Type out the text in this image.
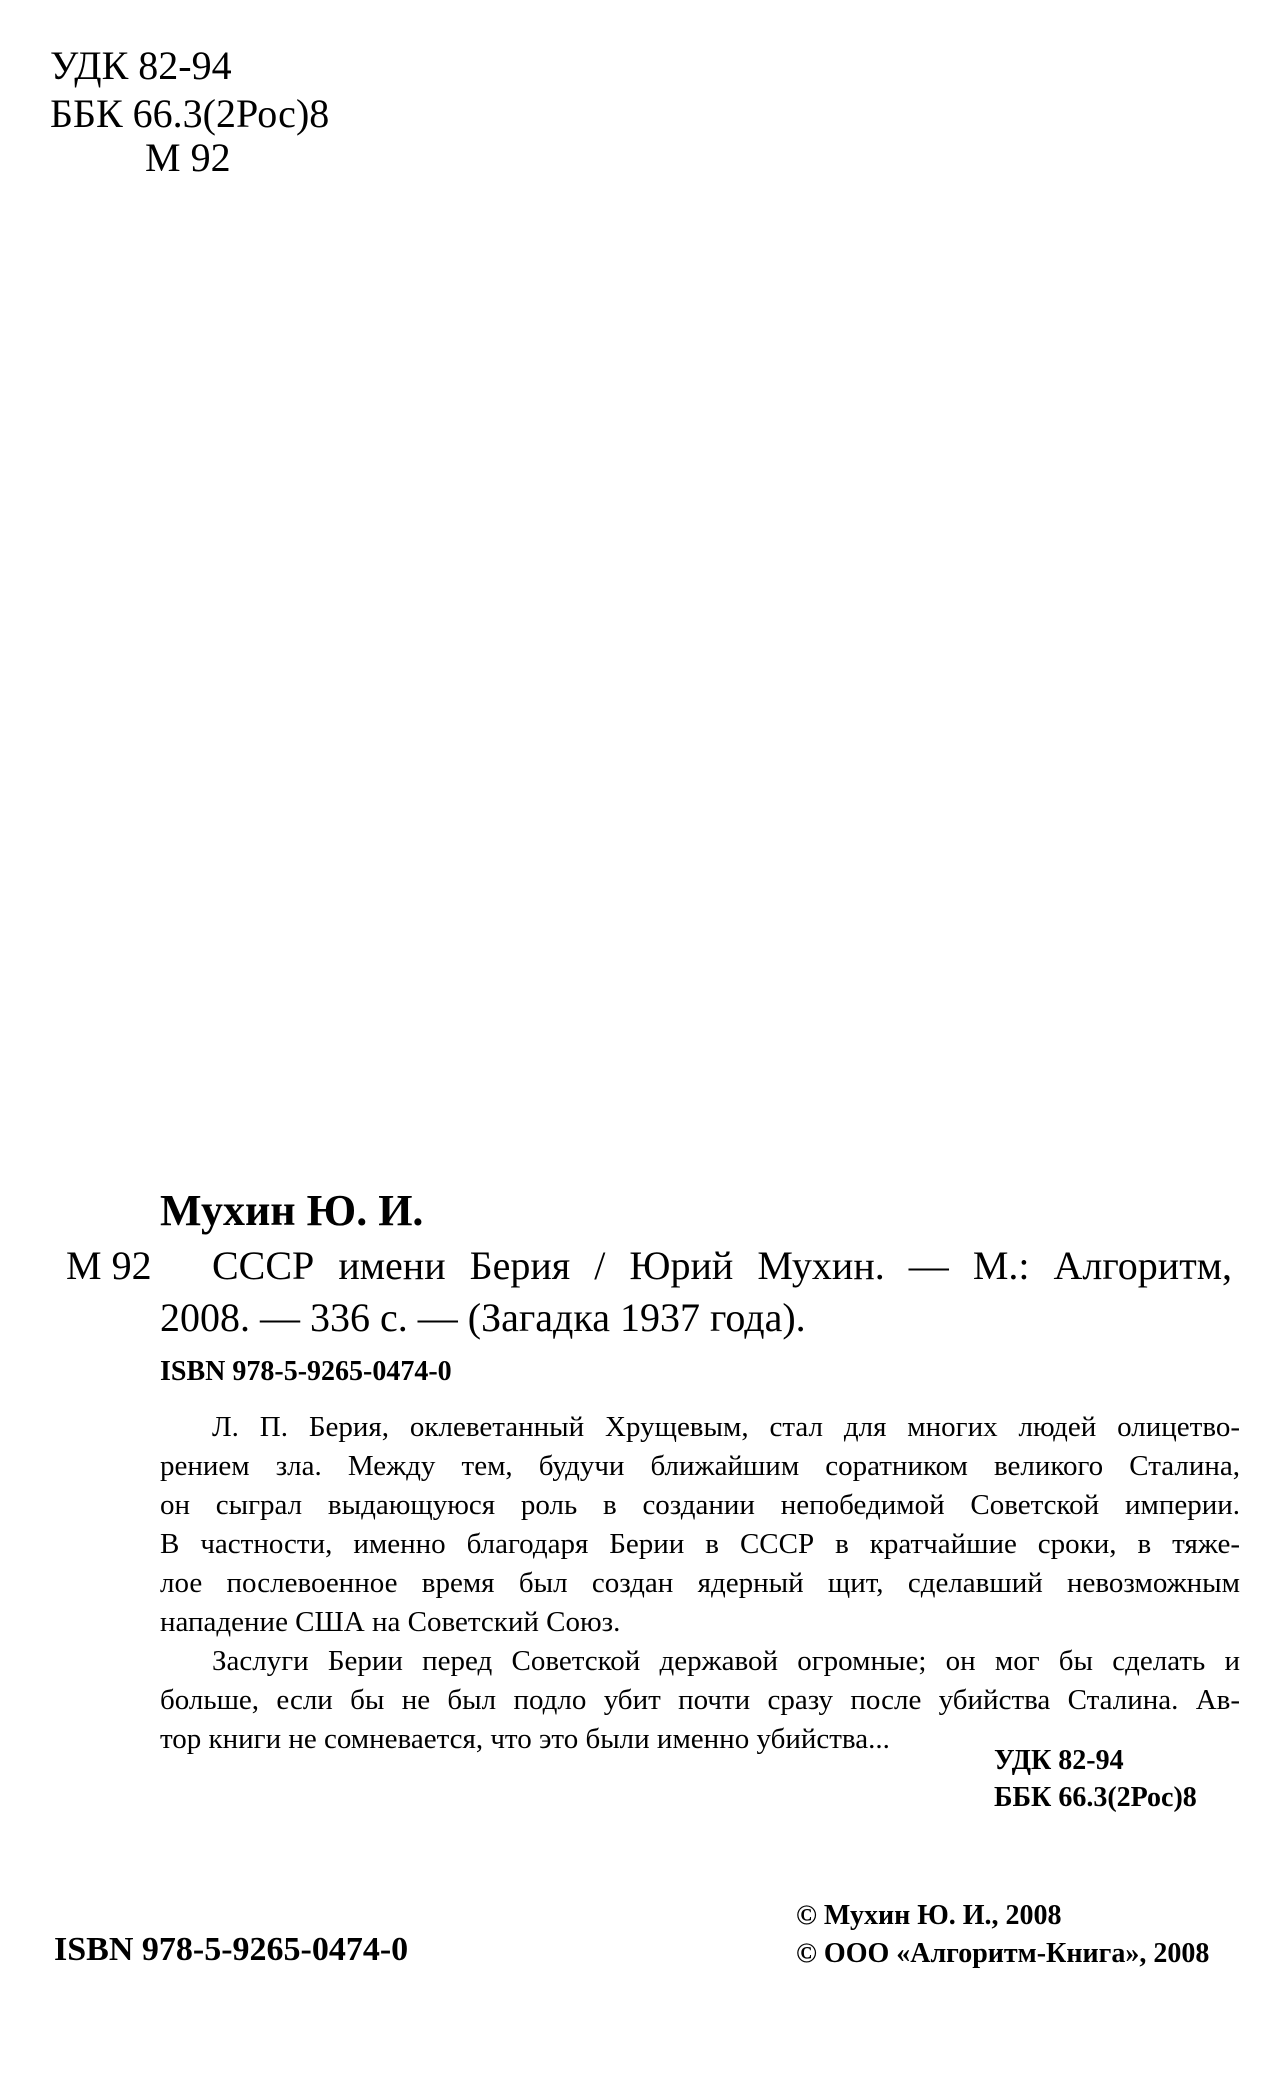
УДК 82-94
ББК 66.3(2Рос)8
М 92
Мухин Ю. И.
М 92 СССР имени Берия / Юрий Мухин. — М.: Алгоритм,
2008. — 336 с. — (Загадка 1937 года).
ISBN 978-5-9265-0474-0
Л. П. Берия, оклеветанный Хрущевым, стал для многих людей олицетво-
рением зла. Между тем, будучи ближайшим соратником великого Сталина,
он сыграл выдающуюся роль в создании непобедимой Советской империи.
В частности, именно благодаря Берии в СССР в кратчайшие сроки, в тяже-
лое послевоенное время был создан ядерный щит, сделавший невозможным
нападение США на Советский Союз.
Заслуги Берии перед Советской державой огромные; он мог бы сделать и
больше, если бы не был подло убит почти сразу после убийства Сталина. Ав-
тор книги не сомневается, что это были именно убийства...
УДК 82-94
ББК 66.3(2Рос)8
© Мухин Ю. И., 2008
© ООО «Алгоритм-Книга», 2008
ISBN 978-5-9265-0474-0
